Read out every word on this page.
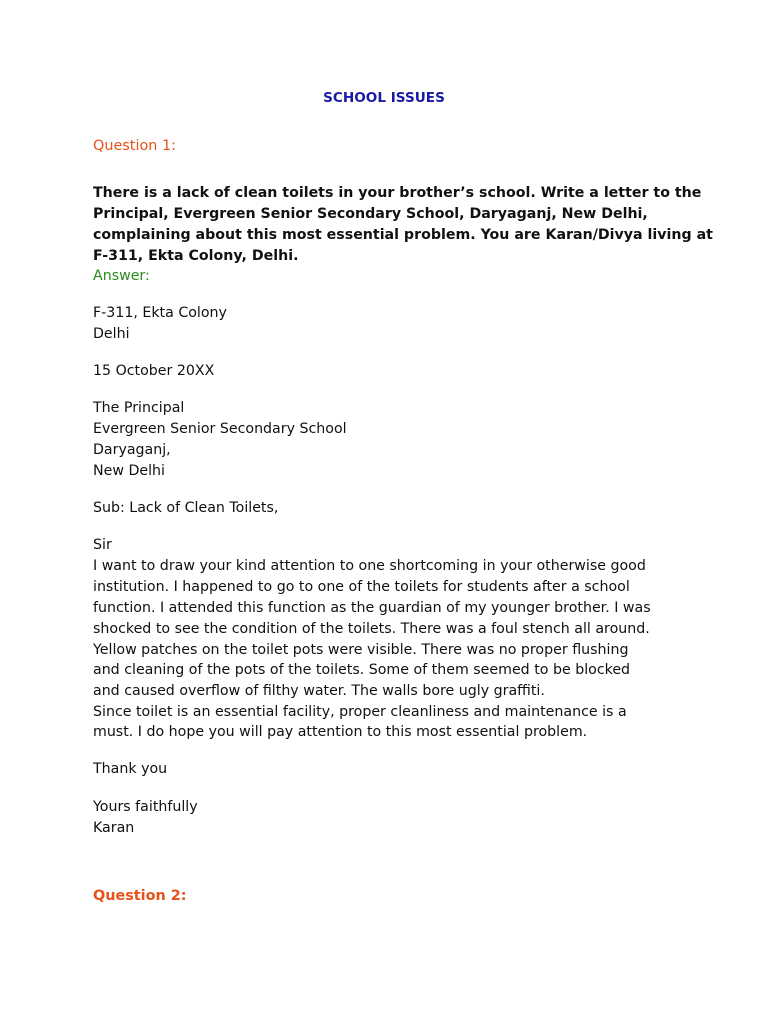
SCHOOL ISSUES
Question 1:
There is a lack of clean toilets in your brother’s school. Write a letter to the
Principal, Evergreen Senior Secondary School, Daryaganj, New Delhi,
complaining about this most essential problem. You are Karan/Divya living at
F-311, Ekta Colony, Delhi.
Answer:
F-311, Ekta Colony
Delhi
15 October 20XX
The Principal
Evergreen Senior Secondary School
Daryaganj,
New Delhi
Sub: Lack of Clean Toilets,
Sir
I want to draw your kind attention to one shortcoming in your otherwise good
institution. I happened to go to one of the toilets for students after a school
function. I attended this function as the guardian of my younger brother. I was
shocked to see the condition of the toilets. There was a foul stench all around.
Yellow patches on the toilet pots were visible. There was no proper flushing
and cleaning of the pots of the toilets. Some of them seemed to be blocked
and caused overflow of filthy water. The walls bore ugly graffiti.
Since toilet is an essential facility, proper cleanliness and maintenance is a
must. I do hope you will pay attention to this most essential problem.
Thank you
Yours faithfully
Karan
Question 2:
